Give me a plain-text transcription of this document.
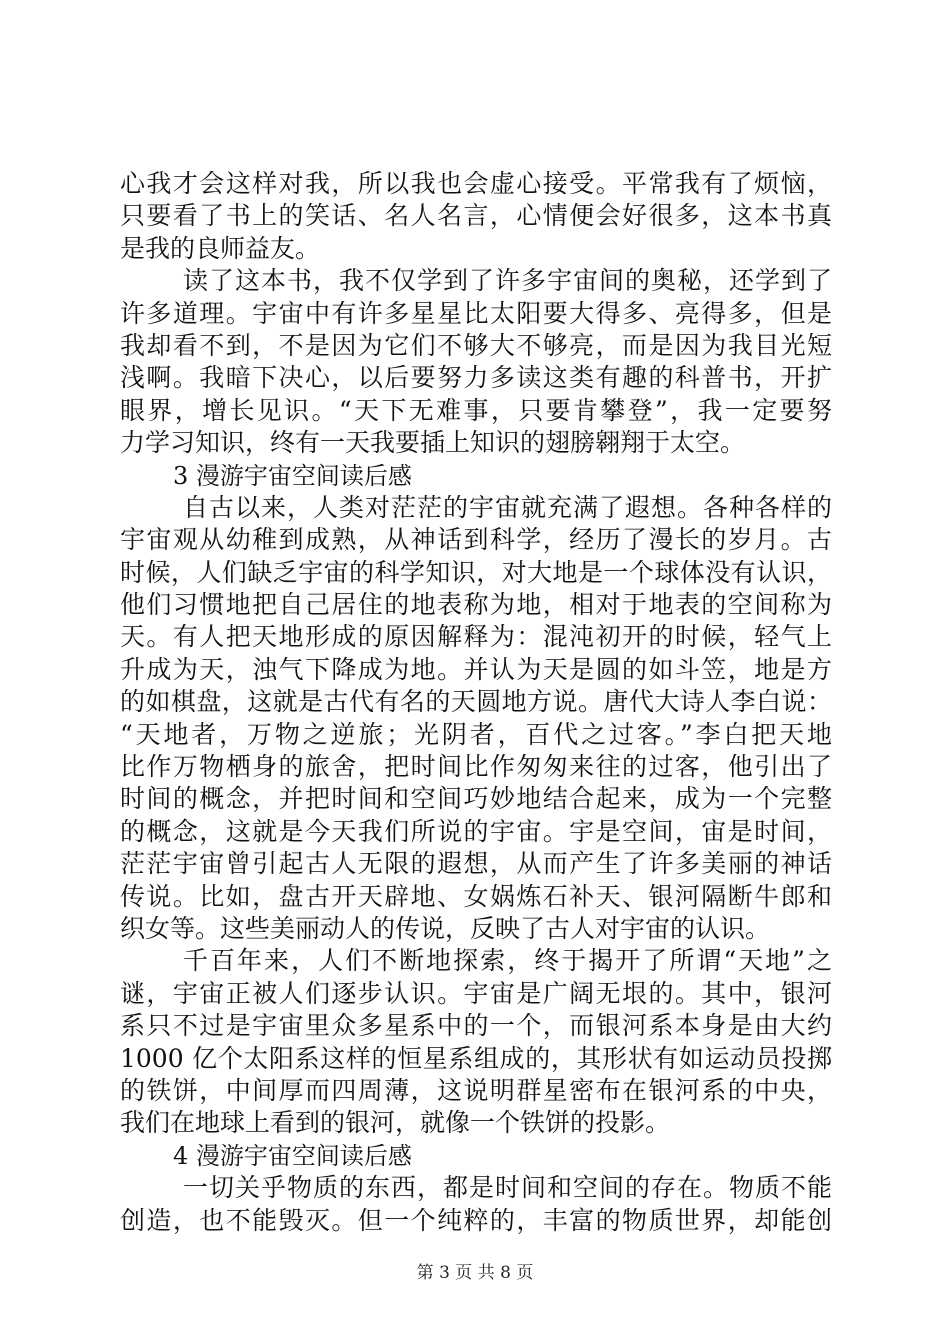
心我才会这样对我，所以我也会虚心接受。平常我有了烦恼，
只要看了书上的笑话、名人名言，心情便会好很多，这本书真
是我的良师益友。
读了这本书，我不仅学到了许多宇宙间的奥秘，还学到了
许多道理。宇宙中有许多星星比太阳要大得多、亮得多，但是
我却看不到，不是因为它们不够大不够亮，而是因为我目光短
浅啊。我暗下决心，以后要努力多读这类有趣的科普书，开扩
眼界，增长见识。“天下无难事，只要肯攀登”，我一定要努
力学习知识，终有一天我要插上知识的翅膀翱翔于太空。
3 漫游宇宙空间读后感
自古以来，人类对茫茫的宇宙就充满了遐想。各种各样的
宇宙观从幼稚到成熟，从神话到科学，经历了漫长的岁月。古
时候，人们缺乏宇宙的科学知识，对大地是一个球体没有认识，
他们习惯地把自己居住的地表称为地，相对于地表的空间称为
天。有人把天地形成的原因解释为：混沌初开的时候，轻气上
升成为天，浊气下降成为地。并认为天是圆的如斗笠，地是方
的如棋盘，这就是古代有名的天圆地方说。唐代大诗人李白说：
“天地者，万物之逆旅；光阴者，百代之过客。”李白把天地
比作万物栖身的旅舍，把时间比作匆匆来往的过客，他引出了
时间的概念，并把时间和空间巧妙地结合起来，成为一个完整
的概念，这就是今天我们所说的宇宙。宇是空间，宙是时间，
茫茫宇宙曾引起古人无限的遐想，从而产生了许多美丽的神话
传说。比如，盘古开天辟地、女娲炼石补天、银河隔断牛郎和
织女等。这些美丽动人的传说，反映了古人对宇宙的认识。
千百年来，人们不断地探索，终于揭开了所谓“天地”之
谜，宇宙正被人们逐步认识。宇宙是广阔无垠的。其中，银河
系只不过是宇宙里众多星系中的一个，而银河系本身是由大约
1000 亿个太阳系这样的恒星系组成的，其形状有如运动员投掷
的铁饼，中间厚而四周薄，这说明群星密布在银河系的中央，
我们在地球上看到的银河，就像一个铁饼的投影。
4 漫游宇宙空间读后感
一切关乎物质的东西，都是时间和空间的存在。物质不能
创造，也不能毁灭。但一个纯粹的，丰富的物质世界，却能创
第 3 页 共 8 页
